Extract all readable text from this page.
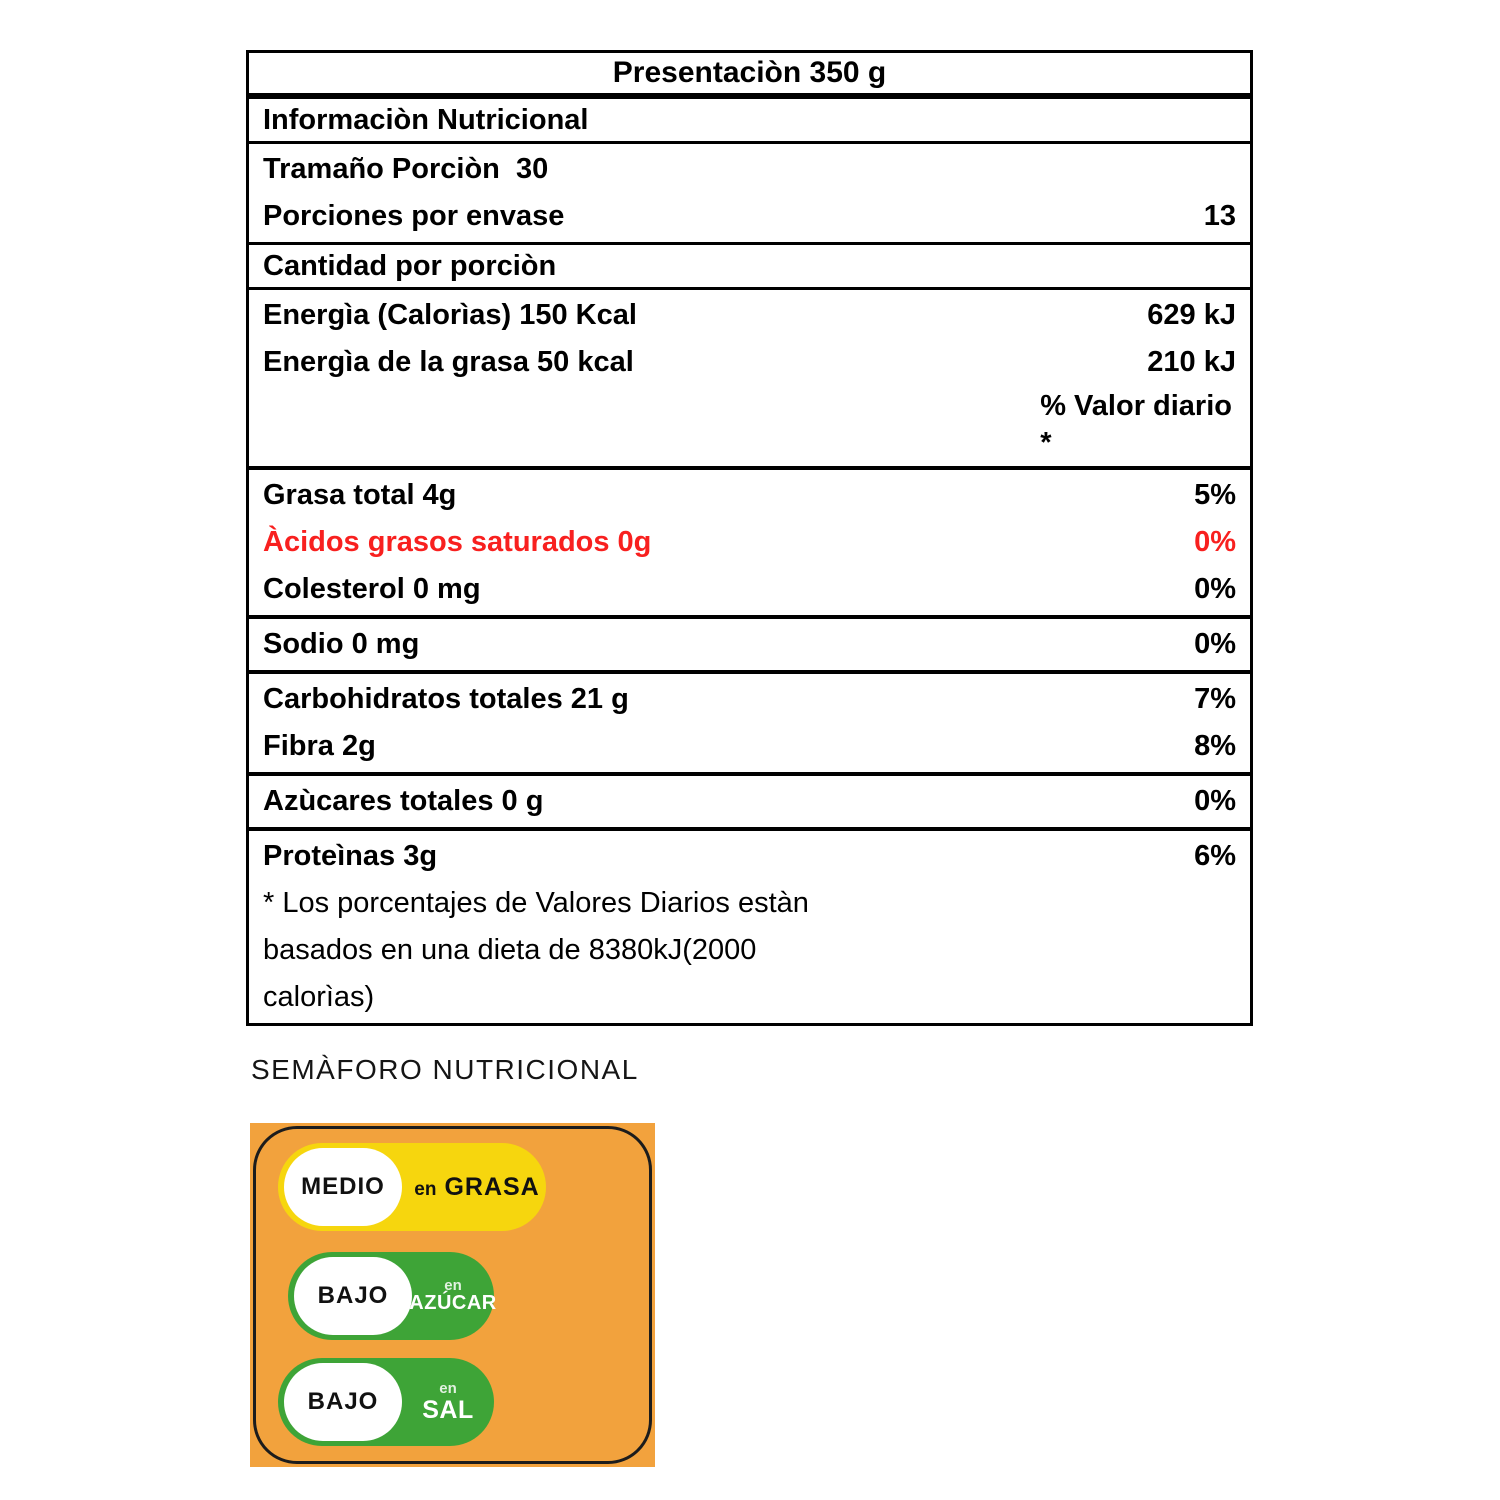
Presentaciòn 350 g
Informaciòn Nutricional
Tramaño Porciòn  30
Porciones por envase	13
Cantidad por porciòn
Energìa (Calorìas) 150 Kcal	629 kJ
Energìa de la grasa 50 kcal	210 kJ
% Valor diario
*
Grasa total 4g	5%
Àcidos grasos saturados 0g	0%
Colesterol 0 mg	0%
Sodio 0 mg	0%
Carbohidratos totales 21 g	7%
Fibra 2g	8%
Azùcares totales 0 g	0%
Proteìnas 3g	6%
* Los porcentajes de Valores Diarios estàn
basados en una dieta de 8380kJ(2000
calorìas)
SEMÀFORO NUTRICIONAL
MEDIO en GRASA
BAJO	en
AZÚCAR
BAJO	en
SAL
